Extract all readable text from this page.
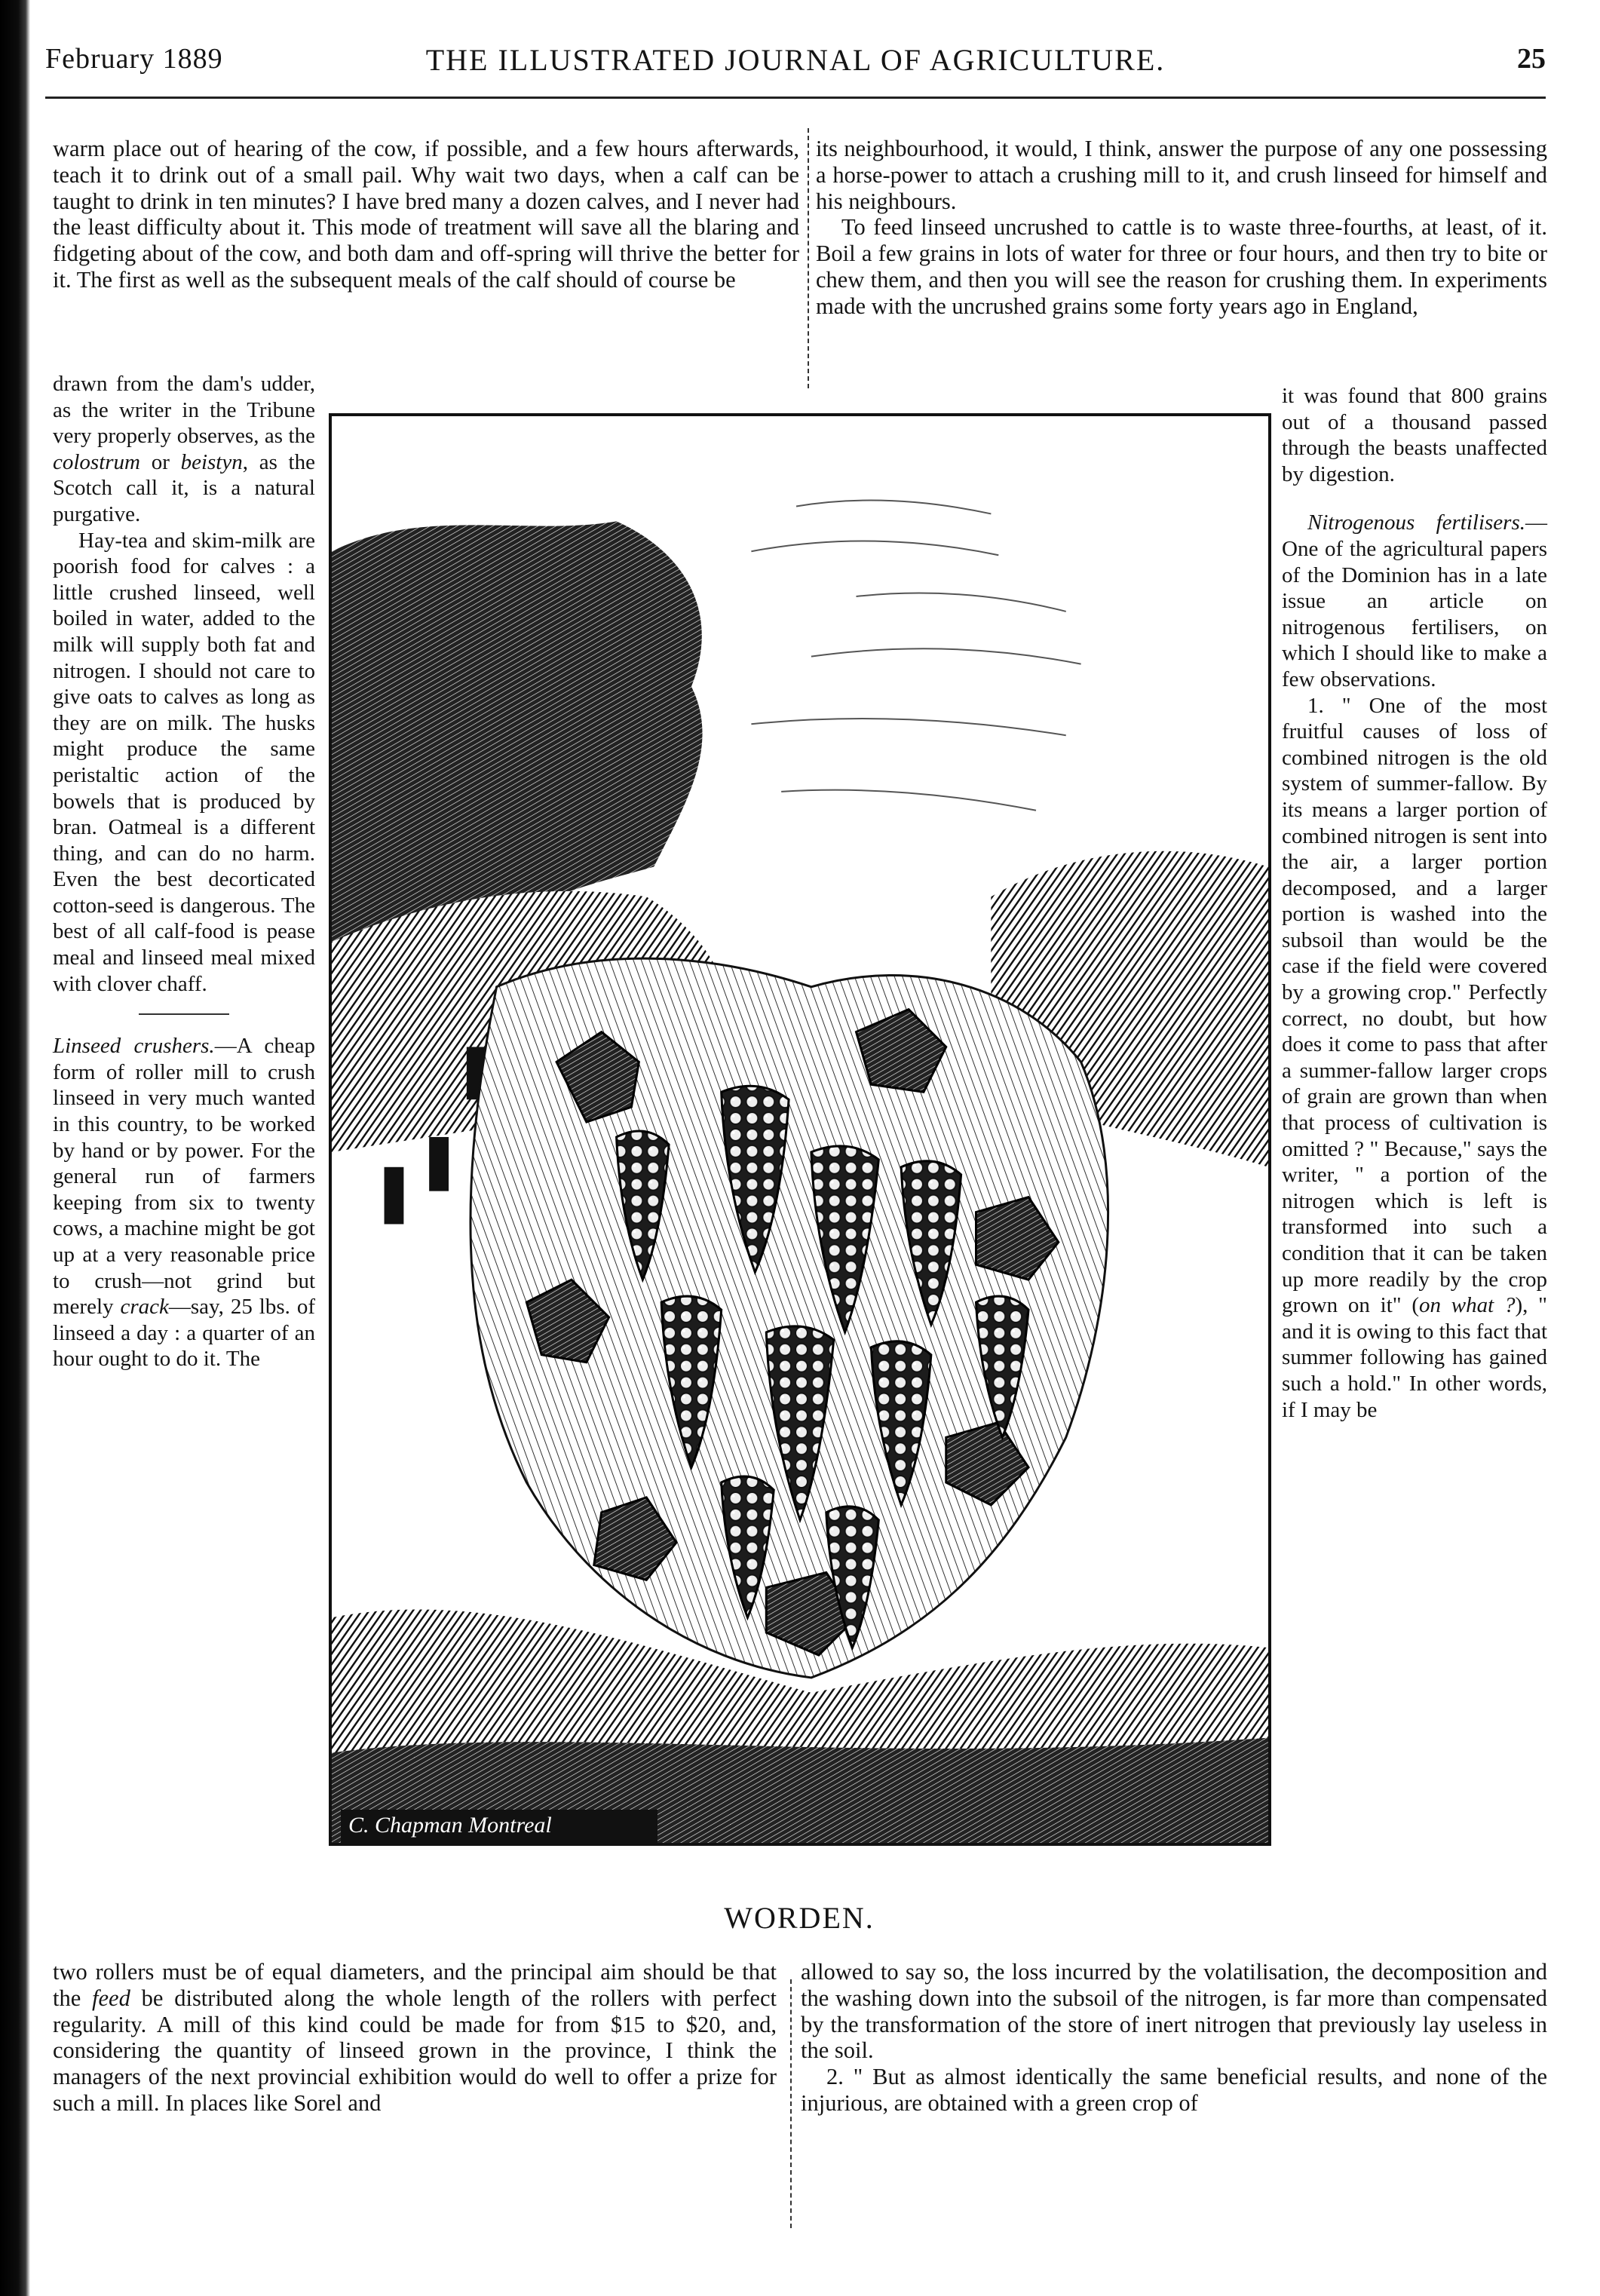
February 1889	THE ILLUSTRATED JOURNAL OF AGRICULTURE.	25

warm place out of hearing of the cow, if possible, and a few hours afterwards, teach it to drink out of a small pail. Why wait two days, when a calf can be taught to drink in ten minutes? I have bred many a dozen calves, and I never had the least difficulty about it. This mode of treatment will save all the blaring and fidgeting about of the cow, and both dam and off-spring will thrive the better for it. The first as well as the subsequent meals of the calf should of course be

drawn from the dam's udder, as the writer in the Tribune very properly observes, as the colostrum or beistyn, as the Scotch call it, is a natural purgative.

Hay-tea and skim-milk are poorish food for calves : a little crushed linseed, well boiled in water, added to the milk will supply both fat and nitrogen. I should not care to give oats to calves as long as they are on milk. The husks might produce the same peristaltic action of the bowels that is produced by bran. Oatmeal is a different thing, and can do no harm. Even the best decorticated cotton-seed is dangerous. The best of all calf-food is pease meal and linseed meal mixed with clover chaff.

Linseed crushers.—A cheap form of roller mill to crush linseed in very much wanted in this country, to be worked by hand or by power. For the general run of farmers keeping from six to twenty cows, a machine might be got up at a very reasonable price to crush—not grind but merely crack—say, 25 lbs. of linseed a day : a quarter of an hour ought to do it. The

its neighbourhood, it would, I think, answer the purpose of any one possessing a horse-power to attach a crushing mill to it, and crush linseed for himself and his neighbours.

To feed linseed uncrushed to cattle is to waste three-fourths, at least, of it. Boil a few grains in lots of water for three or four hours, and then try to bite or chew them, and then you will see the reason for crushing them. In experiments made with the uncrushed grains some forty years ago in England,

it was found that 800 grains out of a thousand passed through the beasts unaffected by digestion.

Nitrogenous fertilisers.—One of the agricultural papers of the Dominion has in a late issue an article on nitrogenous fertilisers, on which I should like to make a few observations.

1. " One of the most fruitful causes of loss of combined nitrogen is the old system of summer-fallow. By its means a larger portion of combined nitrogen is sent into the air, a larger portion decomposed, and a larger portion is washed into the subsoil than would be the case if the field were covered by a growing crop." Perfectly correct, no doubt, but how does it come to pass that after a summer-fallow larger crops of grain are grown than when that process of cultivation is omitted ? " Because," says the writer, " a portion of the nitrogen which is left is transformed into such a condition that it can be taken up more readily by the crop grown on it" (on what ?), " and it is owing to this fact that summer following has gained such a hold." In other words, if I may be

C. Chapman Montreal
WORDEN.

two rollers must be of equal diameters, and the principal aim should be that the feed be distributed along the whole length of the rollers with perfect regularity. A mill of this kind could be made for from $15 to $20, and, considering the quantity of linseed grown in the province, I think the managers of the next provincial exhibition would do well to offer a prize for such a mill. In places like Sorel and

allowed to say so, the loss incurred by the volatilisation, the decomposition and the washing down into the subsoil of the nitrogen, is far more than compensated by the transformation of the store of inert nitrogen that previously lay useless in the soil.

2. " But as almost identically the same beneficial results, and none of the injurious, are obtained with a green crop of
